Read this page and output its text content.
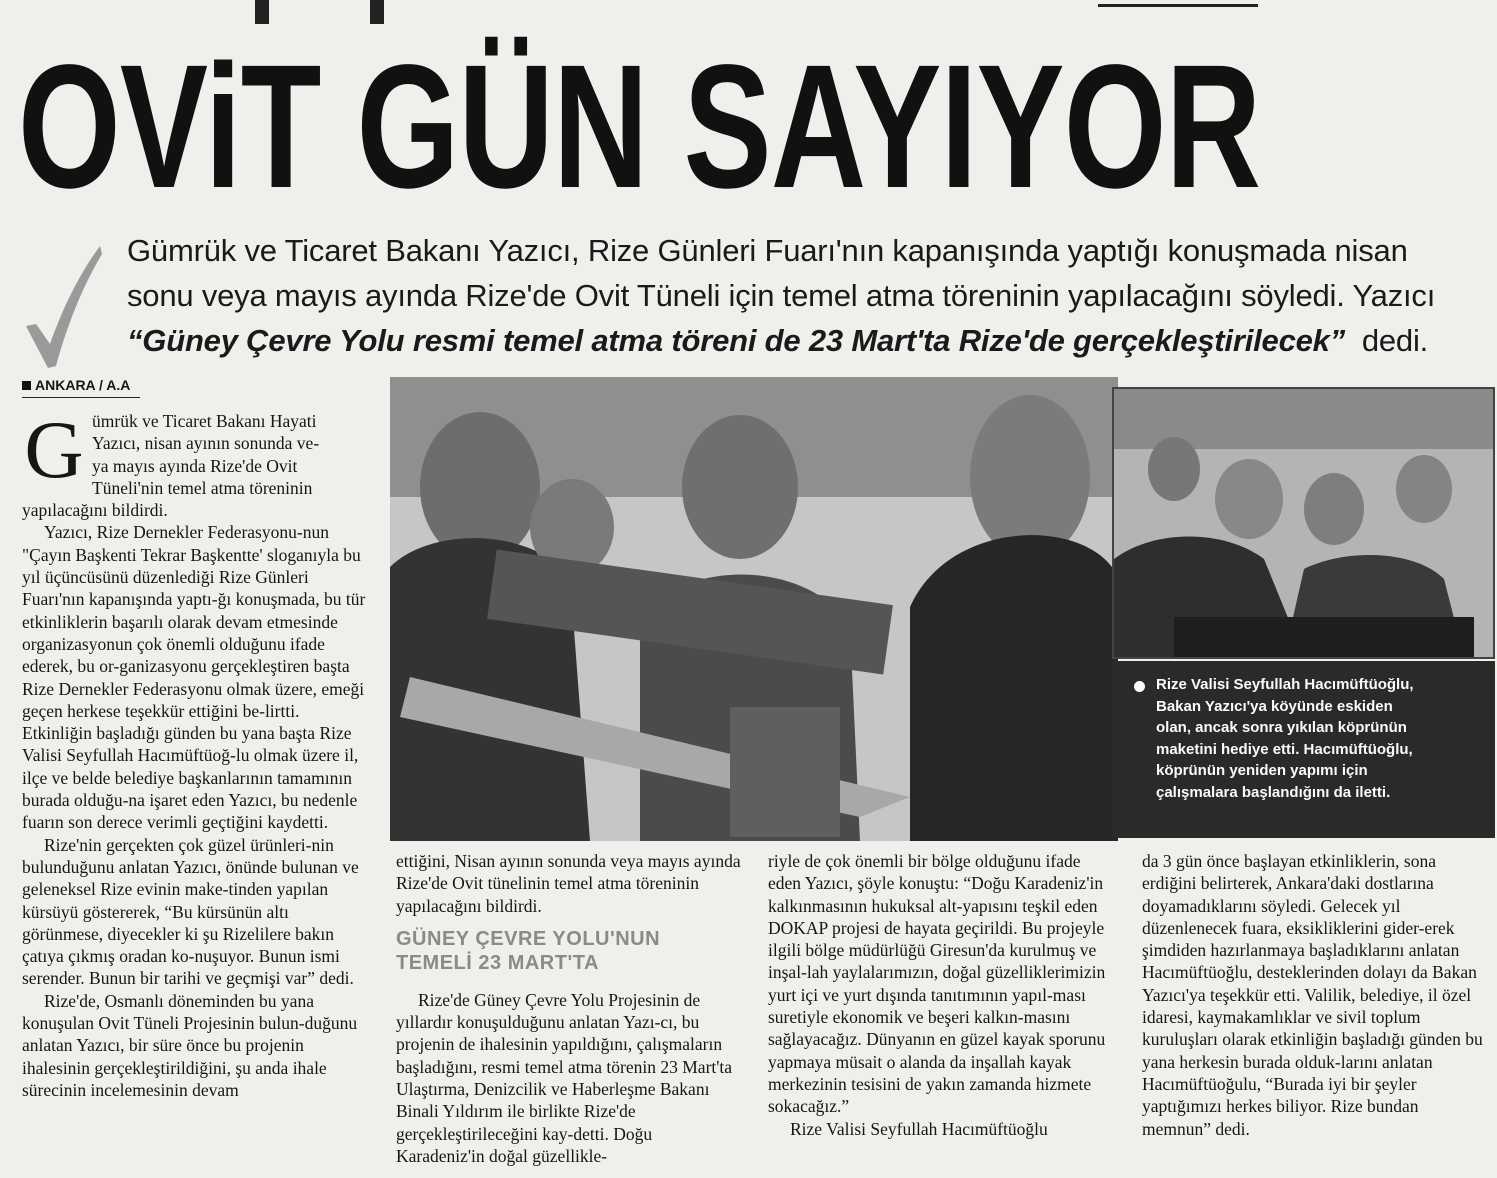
OViT GÜN SAYIYOR
Gümrük ve Ticaret Bakanı Yazıcı, Rize Günleri Fuarı'nın kapanışında yaptığı konuşmada nisan
sonu veya mayıs ayında Rize'de Ovit Tüneli için temel atma töreninin yapılacağını söyledi. Yazıcı
“Güney Çevre Yolu resmi temel atma töreni de 23 Mart'ta Rize'de gerçekleştirilecek” dedi.
ANKARA / A.A
G ümrük ve Ticaret Bakanı Hayati
Yazıcı, nisan ayının sonunda ve-
ya mayıs ayında Rize'de Ovit
Tüneli'nin temel atma töreninin

yapılacağını bildirdi.

Yazıcı, Rize Dernekler Federasyonu-nun "Çayın Başkenti Tekrar Başkentte' sloganıyla bu yıl üçüncüsünü düzenlediği Rize Günleri Fuarı'nın kapanışında yaptı-ğı konuşmada, bu tür etkinliklerin başarılı olarak devam etmesinde organizasyonun çok önemli olduğunu ifade ederek, bu or-ganizasyonu gerçekleştiren başta Rize Dernekler Federasyonu olmak üzere, emeği geçen herkese teşekkür ettiğini be-lirtti. Etkinliğin başladığı günden bu yana başta Rize Valisi Seyfullah Hacımüftüoğ-lu olmak üzere il, ilçe ve belde belediye başkanlarının tamamının burada olduğu-na işaret eden Yazıcı, bu nedenle fuarın son derece verimli geçtiğini kaydetti.

Rize'nin gerçekten çok güzel ürünleri-nin bulunduğunu anlatan Yazıcı, önünde bulunan ve geleneksel Rize evinin make-tinden yapılan kürsüyü göstererek, “Bu kürsünün altı görünmese, diyecekler ki şu Rizelilere bakın çatıya çıkmış oradan ko-nuşuyor. Bunun ismi serender. Bunun bir tarihi ve geçmişi var” dedi.

Rize'de, Osmanlı döneminden bu yana konuşulan Ovit Tüneli Projesinin bulun-duğunu anlatan Yazıcı, bir süre önce bu projenin ihalesinin gerçekleştirildiğini, şu anda ihale sürecinin incelemesinin devam

Rize Valisi Seyfullah Hacımüftüoğlu,
Bakan Yazıcı'ya köyünde eskiden
olan, ancak sonra yıkılan köprünün
maketini hediye etti. Hacımüftüoğlu,
köprünün yeniden yapımı için
çalışmalara başlandığını da iletti.

ettiğini, Nisan ayının sonunda veya mayıs ayında Rize'de Ovit tünelinin temel atma töreninin yapılacağını bildirdi.

GÜNEY ÇEVRE YOLU'NUN
TEMELİ 23 MART'TA

Rize'de Güney Çevre Yolu Projesinin de yıllardır konuşulduğunu anlatan Yazı-cı, bu projenin de ihalesinin yapıldığını, çalışmaların başladığını, resmi temel atma törenin 23 Mart'ta Ulaştırma, Denizcilik ve Haberleşme Bakanı Binali Yıldırım ile birlikte Rize'de gerçekleştirileceğini kay-detti. Doğu Karadeniz'in doğal güzellikle-

riyle de çok önemli bir bölge olduğunu ifade eden Yazıcı, şöyle konuştu: “Doğu Karadeniz'in kalkınmasının hukuksal alt-yapısını teşkil eden DOKAP projesi de hayata geçirildi. Bu projeyle ilgili bölge müdürlüğü Giresun'da kurulmuş ve inşal-lah yaylalarımızın, doğal güzelliklerimizin yurt içi ve yurt dışında tanıtımının yapıl-ması suretiyle ekonomik ve beşeri kalkın-masını sağlayacağız. Dünyanın en güzel kayak sporunu yapmaya müsait o alanda da inşallah kayak merkezinin tesisini de yakın zamanda hizmete sokacağız.”

Rize Valisi Seyfullah Hacımüftüoğlu

da 3 gün önce başlayan etkinliklerin, sona erdiğini belirterek, Ankara'daki dostlarına doyamadıklarını söyledi. Gelecek yıl düzenlenecek fuara, eksikliklerini gider-erek şimdiden hazırlanmaya başladıklarını anlatan Hacımüftüoğlu, desteklerinden dolayı da Bakan Yazıcı'ya teşekkür etti. Valilik, belediye, il özel idaresi, kaymakamlıklar ve sivil toplum kuruluşları olarak etkinliğin başladığı günden bu yana herkesin burada olduk-larını anlatan Hacımüftüoğulu, “Burada iyi bir şeyler yaptığımızı herkes biliyor. Rize bundan memnun” dedi.
